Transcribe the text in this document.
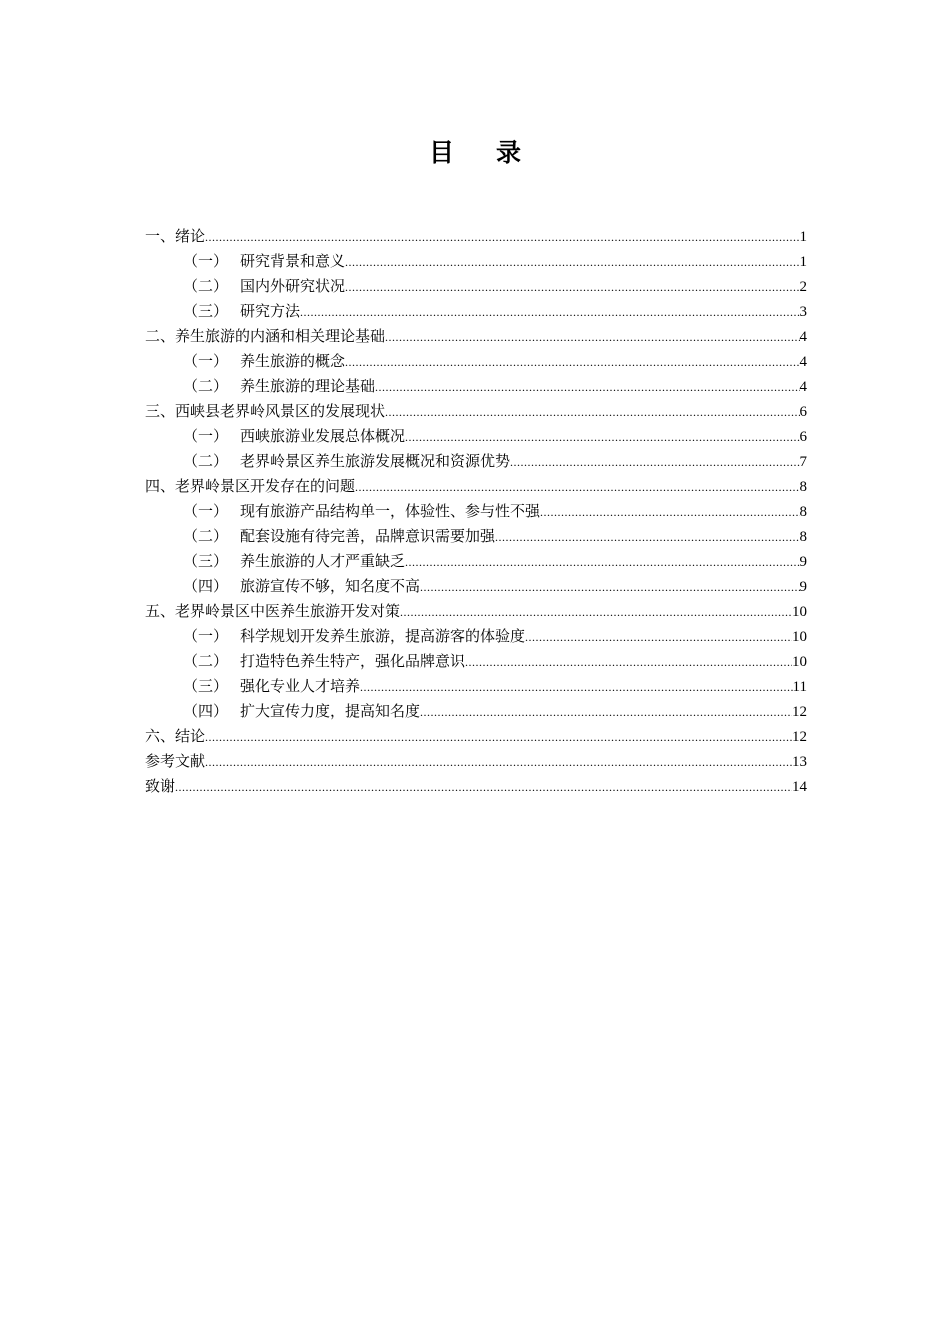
目录
一、绪论 .....	1
（一） 研究背景和意义 .....	1
（二） 国内外研究状况 .....	2
（三） 研究方法 .....	3
二、养生旅游的内涵和相关理论基础 .....	4
（一） 养生旅游的概念 .....	4
（二） 养生旅游的理论基础 .....	4
三、西峡县老界岭风景区的发展现状 .....	6
（一） 西峡旅游业发展总体概况 .....	6
（二） 老界岭景区养生旅游发展概况和资源优势 .....	7
四、老界岭景区开发存在的问题 .....	8
（一） 现有旅游产品结构单一，体验性、参与性不强 .....	8
（二） 配套设施有待完善，品牌意识需要加强 .....	8
（三） 养生旅游的人才严重缺乏 .....	9
（四） 旅游宣传不够，知名度不高 .....	9
五、老界岭景区中医养生旅游开发对策 .....	10
（一） 科学规划开发养生旅游，提高游客的体验度 .....	10
（二） 打造特色养生特产，强化品牌意识 .....	10
（三） 强化专业人才培养 .....	11
（四） 扩大宣传力度，提高知名度 .....	12
六、结论 .....	12
参考文献 .....	13
致谢 .....	14
